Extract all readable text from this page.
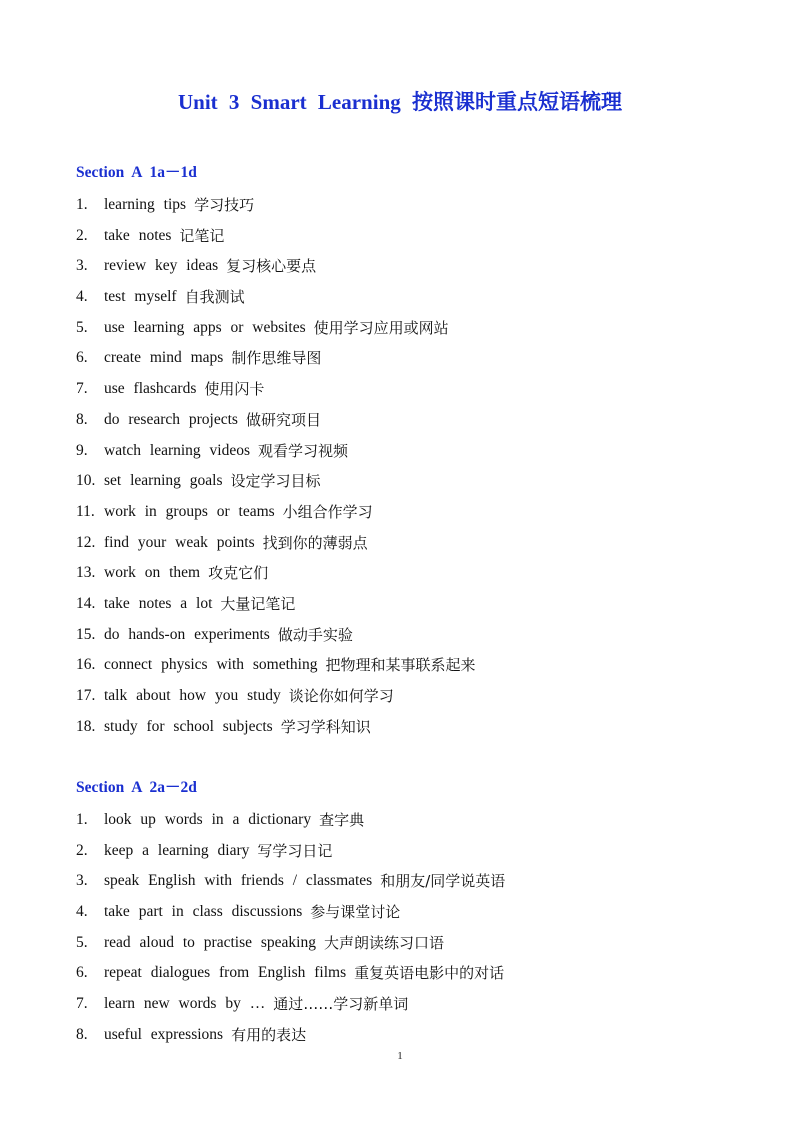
Unit 3 Smart Learning 按照课时重点短语梳理
Section A 1a－1d
1.	learning tips 学习技巧
2.	take notes 记笔记
3.	review key ideas 复习核心要点
4.	test myself 自我测试
5.	use learning apps or websites 使用学习应用或网站
6.	create mind maps 制作思维导图
7.	use flashcards 使用闪卡
8.	do research projects 做研究项目
9.	watch learning videos 观看学习视频
10. set learning goals 设定学习目标
11. work in groups or teams 小组合作学习
12. find your weak points 找到你的薄弱点
13. work on them 攻克它们
14. take notes a lot 大量记笔记
15. do hands-on experiments 做动手实验
16. connect physics with something 把物理和某事联系起来
17. talk about how you study 谈论你如何学习
18. study for school subjects 学习学科知识
Section A 2a－2d
1.	look up words in a dictionary 查字典
2.	keep a learning diary 写学习日记
3.	speak English with friends / classmates 和朋友/同学说英语
4.	take part in class discussions 参与课堂讨论
5.	read aloud to practise speaking 大声朗读练习口语
6.	repeat dialogues from English films 重复英语电影中的对话
7.	learn new words by … 通过……学习新单词
8.	useful expressions 有用的表达
1
